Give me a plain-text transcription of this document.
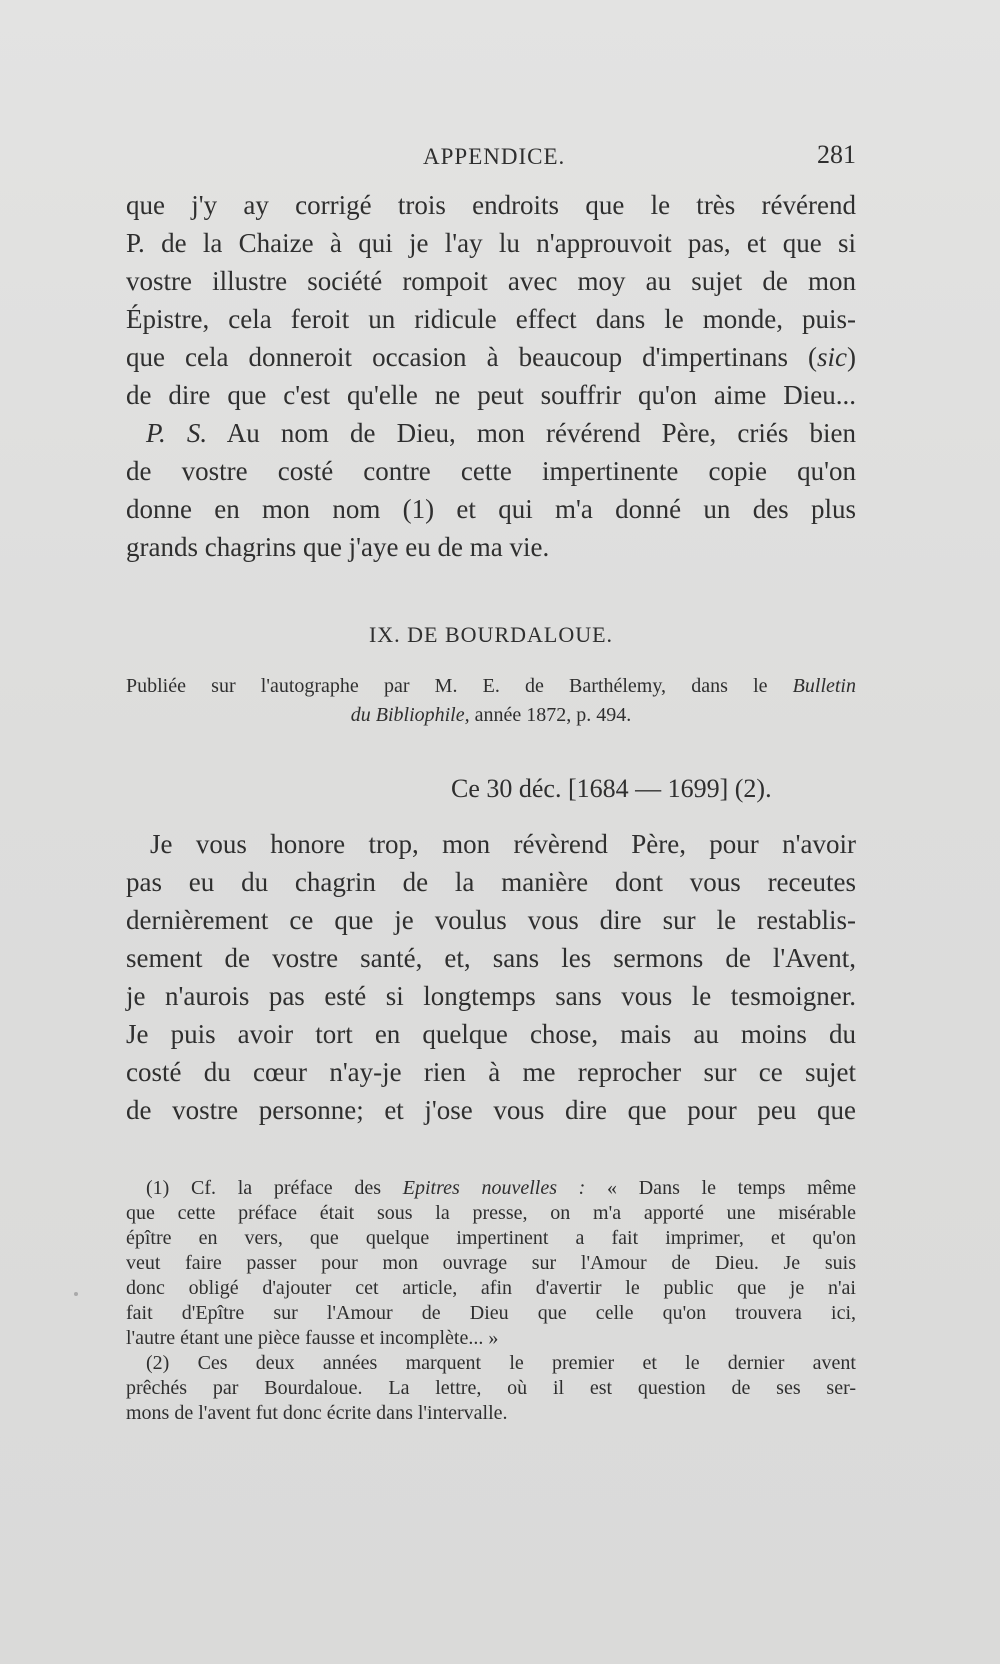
APPENDICE.	281
que j'y ay corrigé trois endroits que le très révérend
P. de la Chaize à qui je l'ay lu n'approuvoit pas, et que si
vostre illustre société rompoit avec moy au sujet de mon
Épistre, cela feroit un ridicule effect dans le monde, puis-
que cela donneroit occasion à beaucoup d'impertinans (sic)
de dire que c'est qu'elle ne peut souffrir qu'on aime Dieu...
P. S. Au nom de Dieu, mon révérend Père, criés bien
de vostre costé contre cette impertinente copie qu'on
donne en mon nom (1) et qui m'a donné un des plus
grands chagrins que j'aye eu de ma vie.
IX. DE BOURDALOUE.
Publiée sur l'autographe par M. E. de Barthélemy, dans le Bulletin
du Bibliophile, année 1872, p. 494.
Ce 30 déc. [1684 — 1699] (2).
Je vous honore trop, mon révèrend Père, pour n'avoir
pas eu du chagrin de la manière dont vous receutes
dernièrement ce que je voulus vous dire sur le restablis-
sement de vostre santé, et, sans les sermons de l'Avent,
je n'aurois pas esté si longtemps sans vous le tesmoigner.
Je puis avoir tort en quelque chose, mais au moins du
costé du cœur n'ay-je rien à me reprocher sur ce sujet
de vostre personne; et j'ose vous dire que pour peu que
(1) Cf. la préface des Epitres nouvelles : « Dans le temps même
que cette préface était sous la presse, on m'a apporté une misérable
épître en vers, que quelque impertinent a fait imprimer, et qu'on
veut faire passer pour mon ouvrage sur l'Amour de Dieu. Je suis
donc obligé d'ajouter cet article, afin d'avertir le public que je n'ai
fait d'Epître sur l'Amour de Dieu que celle qu'on trouvera ici,
l'autre étant une pièce fausse et incomplète... »
(2) Ces deux années marquent le premier et le dernier avent
prêchés par Bourdaloue. La lettre, où il est question de ses ser-
mons de l'avent fut donc écrite dans l'intervalle.
